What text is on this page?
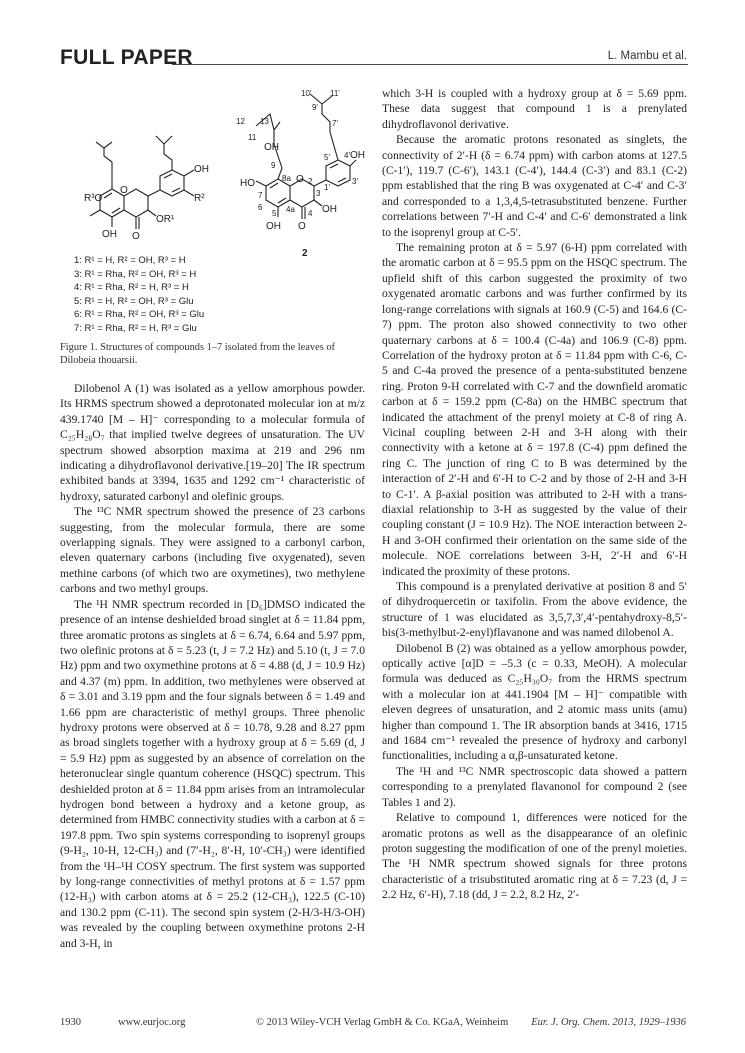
FULL PAPER	L. Mambu et al.
R³O
O
OH O
OR¹
OH
R²
10' 11'
9'
7'
12 13
11
OH
9
8a O
HO
7
6
5 4a 4
3
2
1'
5' 4'
3'
OH
OH
OH O
2
1: R¹ = H, R² = OH, R³ = H
3: R¹ = Rha, R² = OH, R³ = H
4: R¹ = Rha, R² = H, R³ = H
5: R¹ = H, R² = OH, R³ = Glu
6: R¹ = Rha, R² = OH, R³ = Glu
7: R¹ = Rha, R² = H, R³ = Glu
Figure 1. Structures of compounds 1–7 isolated from the leaves of Dilobeia thouarsii.

Dilobenol A (1) was isolated as a yellow amorphous powder. Its HRMS spectrum showed a deprotonated molecular ion at m/z 439.1740 [M – H]⁻ corresponding to a molecular formula of C₂₅H₂₈O₇ that implied twelve degrees of unsaturation. The UV spectrum showed absorption maxima at 219 and 296 nm indicating a dihydroflavonol derivative.[19–20] The IR spectrum exhibited bands at 3394, 1635 and 1292 cm⁻¹ characteristic of hydroxy, saturated carbonyl and olefinic groups.

The ¹³C NMR spectrum showed the presence of 23 carbons suggesting, from the molecular formula, there are some overlapping signals. They were assigned to a carbonyl carbon, eleven quaternary carbons (including five oxygenated), seven methine carbons (of which two are oxymetines), two methylene carbons and two methyl groups.

The ¹H NMR spectrum recorded in [D₆]DMSO indicated the presence of an intense deshielded broad singlet at δ = 11.84 ppm, three aromatic protons as singlets at δ = 6.74, 6.64 and 5.97 ppm, two olefinic protons at δ = 5.23 (t, J = 7.2 Hz) and 5.10 (t, J = 7.0 Hz) ppm and two oxymethine protons at δ = 4.88 (d, J = 10.9 Hz) and 4.37 (m) ppm. In addition, two methylenes were observed at δ = 3.01 and 3.19 ppm and the four signals between δ = 1.49 and 1.66 ppm are characteristic of methyl groups. Three phenolic hydroxy protons were observed at δ = 10.78, 9.28 and 8.27 ppm as broad singlets together with a hydroxy group at δ = 5.69 (d, J = 5.9 Hz) ppm as suggested by an absence of correlation on the heteronuclear single quantum coherence (HSQC) spectrum. This deshielded proton at δ = 11.84 ppm arises from an intramolecular hydrogen bond between a hydroxy and a ketone group, as determined from HMBC connectivity studies with a carbon at δ = 197.8 ppm. Two spin systems corresponding to isoprenyl groups (9-H₂, 10-H, 12-CH₃) and (7′-H₂, 8′-H, 10′-CH₃) were identified from the ¹H–¹H COSY spectrum. The first system was supported by long-range connectivities of methyl protons at δ = 1.57 ppm (12-H₃) with carbon atoms at δ = 25.2 (12-CH₃), 122.5 (C-10) and 130.2 ppm (C-11). The second spin system (2-H/3-H/3-OH) was revealed by the coupling between oxymethine protons 2-H and 3-H, in

which 3-H is coupled with a hydroxy group at δ = 5.69 ppm. These data suggest that compound 1 is a prenylated dihydroflavonol derivative.

Because the aromatic protons resonated as singlets, the connectivity of 2′-H (δ = 6.74 ppm) with carbon atoms at 127.5 (C-1′), 119.7 (C-6′), 143.1 (C-4′), 144.4 (C-3′) and 83.1 (C-2) ppm established that the ring B was oxygenated at C-4′ and C-3′ and corresponded to a 1,3,4,5-tetrasubstituted benzene. Further correlations between 7′-H and C-4′ and C-6′ demonstrated a link to the isoprenyl group at C-5′.

The remaining proton at δ = 5.97 (6-H) ppm correlated with the aromatic carbon at δ = 95.5 ppm on the HSQC spectrum. The upfield shift of this carbon suggested the proximity of two oxygenated aromatic carbons and was further confirmed by its long-range correlations with signals at 160.9 (C-5) and 164.6 (C-7) ppm. The proton also showed connectivity to two other quaternary carbons at δ = 100.4 (C-4a) and 106.9 (C-8) ppm. Correlation of the hydroxy proton at δ = 11.84 ppm with C-6, C-5 and C-4a proved the presence of a penta-substituted benzene ring. Proton 9-H correlated with C-7 and the downfield aromatic carbon at δ = 159.2 ppm (C-8a) on the HMBC spectrum that indicated the attachment of the prenyl moiety at C-8 of ring A. Vicinal coupling between 2-H and 3-H along with their connectivity with a ketone at δ = 197.8 (C-4) ppm defined the ring C. The junction of ring C to B was determined by the interaction of 2′-H and 6′-H to C-2 and by those of 2-H and 3-H to C-1′. A β-axial position was attributed to 2-H with a trans-diaxial relationship to 3-H as suggested by the value of their coupling constant (J = 10.9 Hz). The NOE interaction between 2-H and 3-OH confirmed their orientation on the same side of the molecule. NOE correlations between 3-H, 2′-H and 6′-H indicated the proximity of these protons.

This compound is a prenylated derivative at position 8 and 5′ of dihydroquercetin or taxifolin. From the above evidence, the structure of 1 was elucidated as 3,5,7,3′,4′-pentahydroxy-8,5′-bis(3-methylbut-2-enyl)flavanone and was named dilobenol A.

Dilobenol B (2) was obtained as a yellow amorphous powder, optically active [α]D = –5.3 (c = 0.33, MeOH). A molecular formula was deduced as C₂₅H₃₀O₇ from the HRMS spectrum with a molecular ion at 441.1904 [M – H]⁻ compatible with eleven degrees of unsaturation, and 2 atomic mass units (amu) higher than compound 1. The IR absorption bands at 3416, 1715 and 1684 cm⁻¹ revealed the presence of hydroxy and carbonyl functionalities, including a α,β-unsaturated ketone.

The ¹H and ¹³C NMR spectroscopic data showed a pattern corresponding to a prenylated flavanonol for compound 2 (see Tables 1 and 2).

Relative to compound 1, differences were noticed for the aromatic protons as well as the disappearance of an olefinic proton suggesting the modification of one of the prenyl moieties. The ¹H NMR spectrum showed signals for three protons characteristic of a trisubstituted aromatic ring at δ = 7.23 (d, J = 2.2 Hz, 6′-H), 7.18 (dd, J = 2.2, 8.2 Hz, 2′-

1930	www.eurjoc.org	© 2013 Wiley-VCH Verlag GmbH & Co. KGaA, Weinheim Eur. J. Org. Chem. 2013, 1929–1936
